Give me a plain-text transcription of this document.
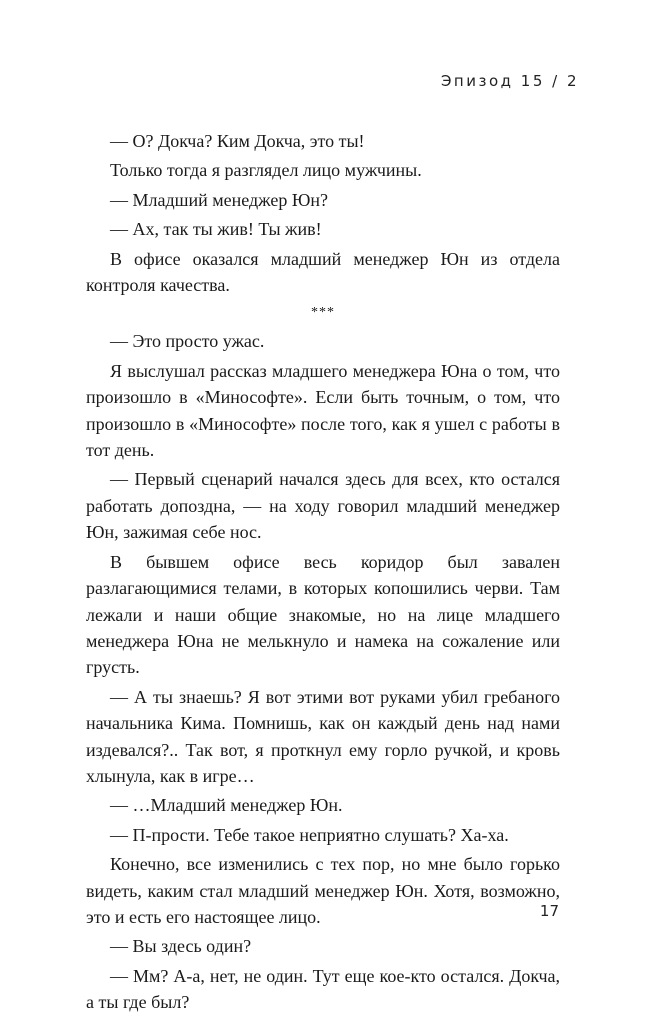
Эпизод 15 / 2

— О? Докча? Ким Докча, это ты!

Только тогда я разглядел лицо мужчины.

— Младший менеджер Юн?

— Ах, так ты жив! Ты жив!

В офисе оказался младший менеджер Юн из отдела контроля качества.

***

— Это просто ужас.

Я выслушал рассказ младшего менеджера Юна о том, что произошло в «Минософте». Если быть точным, о том, что произошло в «Минософте» после того, как я ушел с работы в тот день.

— Первый сценарий начался здесь для всех, кто остался работать допоздна, — на ходу говорил младший менеджер Юн, зажимая себе нос.

В бывшем офисе весь коридор был завален разлагающимися телами, в которых копошились черви. Там лежали и наши общие знакомые, но на лице младшего менеджера Юна не мелькнуло и намека на сожаление или грусть.

— А ты знаешь? Я вот этими вот руками убил гребаного начальника Кима. Помнишь, как он каждый день над нами издевался?.. Так вот, я проткнул ему горло ручкой, и кровь хлынула, как в игре…

— …Младший менеджер Юн.

— П-прости. Тебе такое неприятно слушать? Ха-ха.

Конечно, все изменились с тех пор, но мне было горько видеть, каким стал младший менеджер Юн. Хотя, возможно, это и есть его настоящее лицо.

— Вы здесь один?

— Мм? А-а, нет, не один. Тут еще кое-кто остался. Докча, а ты где был?

17
